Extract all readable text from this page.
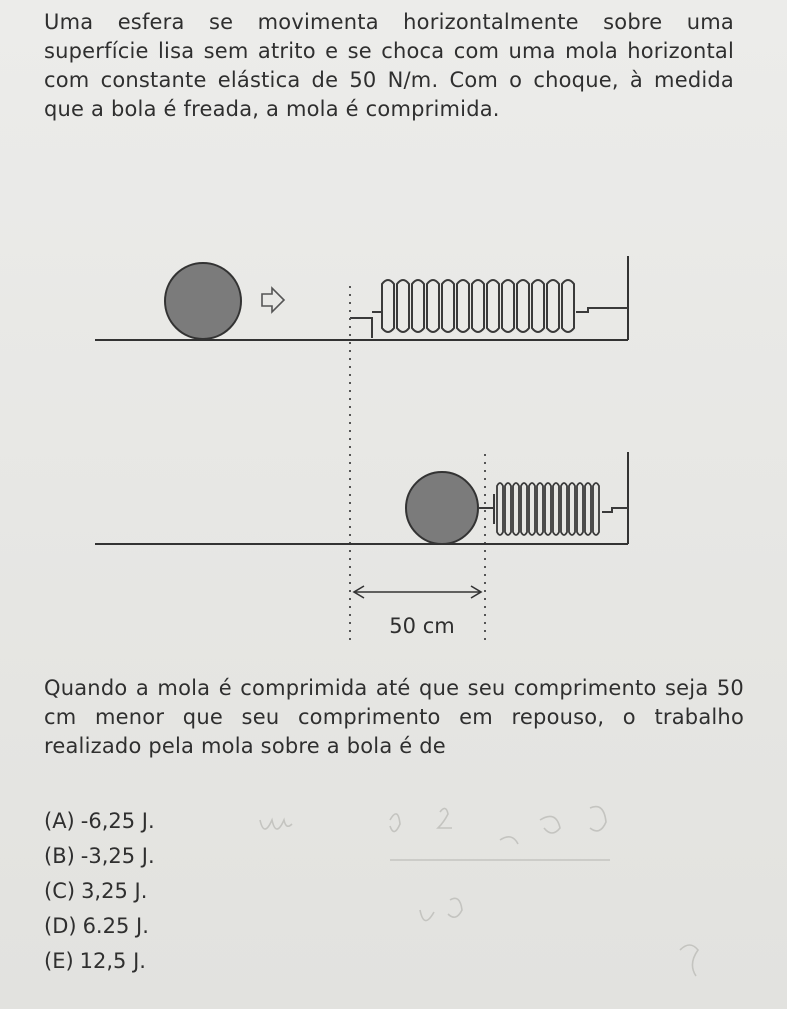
Uma esfera se movimenta horizontalmente sobre uma superfície lisa sem atrito e se choca com uma mola horizontal com constante elástica de 50 N/m. Com o choque, à medida que a bola é freada, a mola é comprimida.

50 cm

Quando a mola é comprimida até que seu comprimento seja 50 cm menor que seu comprimento em repouso, o trabalho realizado pela mola sobre a bola é de

(A) -6,25 J.
(B) -3,25 J.
(C) 3,25 J.
(D) 6.25 J.
(E) 12,5 J.
